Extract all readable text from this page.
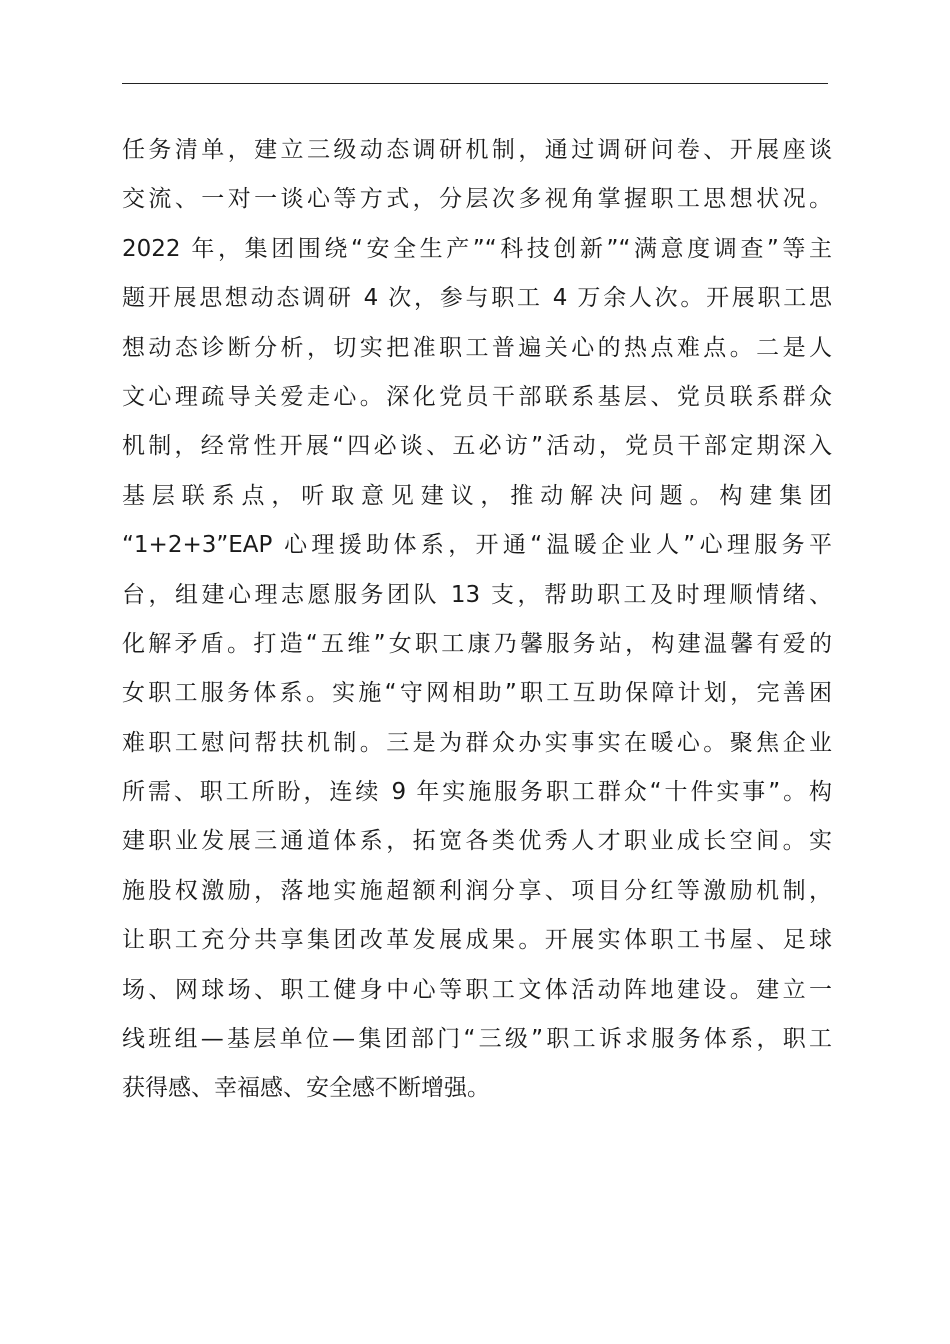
任务清单，建立三级动态调研机制，通过调研问卷、开展座谈
交流、一对一谈心等方式，分层次多视角掌握职工思想状况。
2022 年，集团围绕“安全生产”“科技创新”“满意度调查”等主
题开展思想动态调研 4 次，参与职工 4 万余人次。开展职工思
想动态诊断分析，切实把准职工普遍关心的热点难点。二是人
文心理疏导关爱走心。深化党员干部联系基层、党员联系群众
机制，经常性开展“四必谈、五必访”活动，党员干部定期深入
基层联系点，听取意见建议，推动解决问题。构建集团
“1+2+3”EAP 心理援助体系，开通“温暖企业人”心理服务平
台，组建心理志愿服务团队 13 支，帮助职工及时理顺情绪、
化解矛盾。打造“五维”女职工康乃馨服务站，构建温馨有爱的
女职工服务体系。实施“守网相助”职工互助保障计划，完善困
难职工慰问帮扶机制。三是为群众办实事实在暖心。聚焦企业
所需、职工所盼，连续 9 年实施服务职工群众“十件实事”。构
建职业发展三通道体系，拓宽各类优秀人才职业成长空间。实
施股权激励，落地实施超额利润分享、项目分红等激励机制，
让职工充分共享集团改革发展成果。开展实体职工书屋、足球
场、网球场、职工健身中心等职工文体活动阵地建设。建立一
线班组—基层单位—集团部门“三级”职工诉求服务体系，职工
获得感、幸福感、安全感不断增强。
